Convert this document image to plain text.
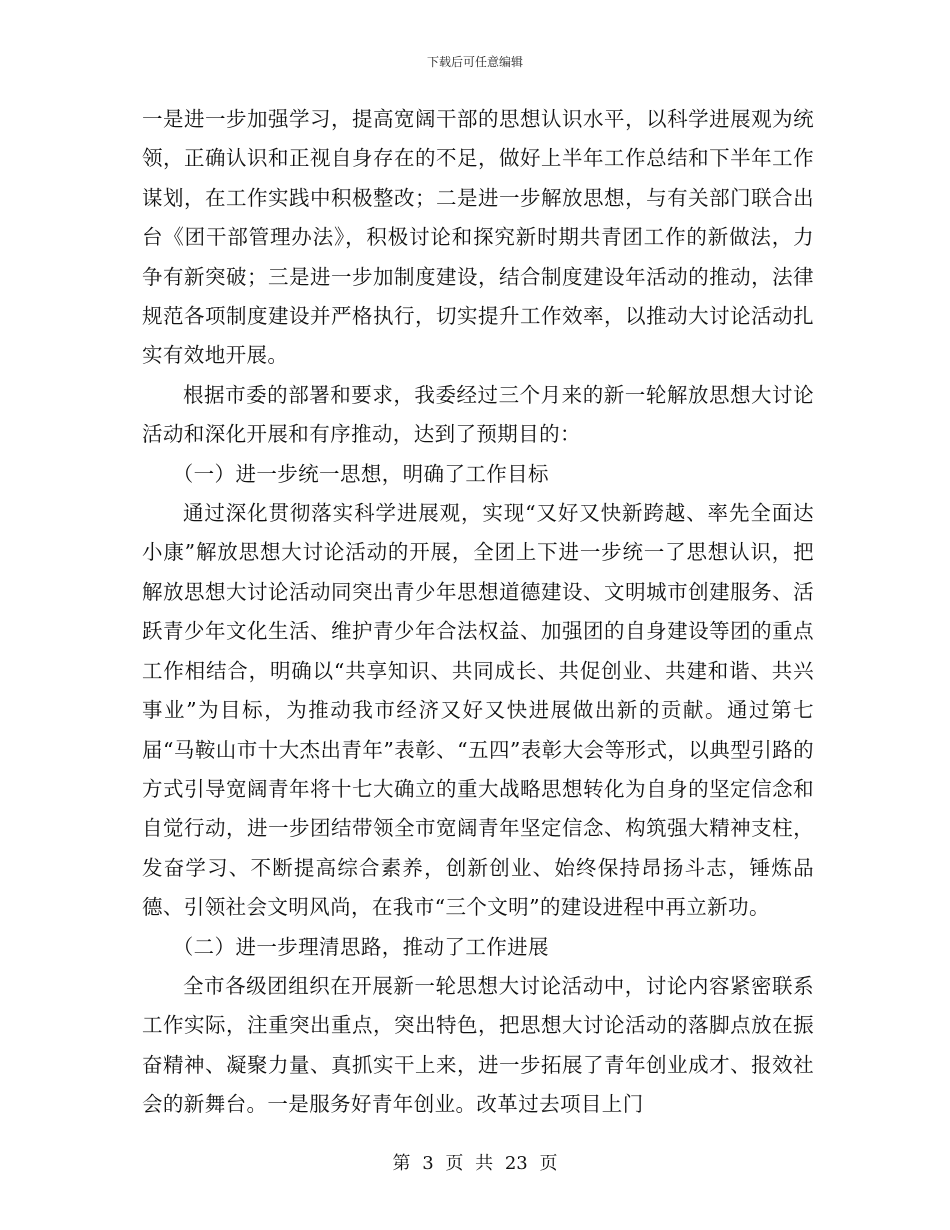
下载后可任意编辑

一是进一步加强学习，提高宽阔干部的思想认识水平，以科学进展观为统领，正确认识和正视自身存在的不足，做好上半年工作总结和下半年工作谋划，在工作实践中积极整改；二是进一步解放思想，与有关部门联合出台《团干部管理办法》，积极讨论和探究新时期共青团工作的新做法，力争有新突破；三是进一步加制度建设，结合制度建设年活动的推动，法律规范各项制度建设并严格执行，切实提升工作效率，以推动大讨论活动扎实有效地开展。

根据市委的部署和要求，我委经过三个月来的新一轮解放思想大讨论活动和深化开展和有序推动，达到了预期目的：

（一）进一步统一思想，明确了工作目标

通过深化贯彻落实科学进展观，实现“又好又快新跨越、率先全面达小康”解放思想大讨论活动的开展，全团上下进一步统一了思想认识，把解放思想大讨论活动同突出青少年思想道德建设、文明城市创建服务、活跃青少年文化生活、维护青少年合法权益、加强团的自身建设等团的重点工作相结合，明确以“共享知识、共同成长、共促创业、共建和谐、共兴事业”为目标，为推动我市经济又好又快进展做出新的贡献。通过第七届“马鞍山市十大杰出青年”表彰、“五四”表彰大会等形式，以典型引路的方式引导宽阔青年将十七大确立的重大战略思想转化为自身的坚定信念和自觉行动，进一步团结带领全市宽阔青年坚定信念、构筑强大精神支柱，发奋学习、不断提高综合素养，创新创业、始终保持昂扬斗志，锤炼品德、引领社会文明风尚，在我市“三个文明”的建设进程中再立新功。

（二）进一步理清思路，推动了工作进展

全市各级团组织在开展新一轮思想大讨论活动中，讨论内容紧密联系工作实际，注重突出重点，突出特色，把思想大讨论活动的落脚点放在振奋精神、凝聚力量、真抓实干上来，进一步拓展了青年创业成才、报效社会的新舞台。一是服务好青年创业。改革过去项目上门

第 3 页 共 23 页
